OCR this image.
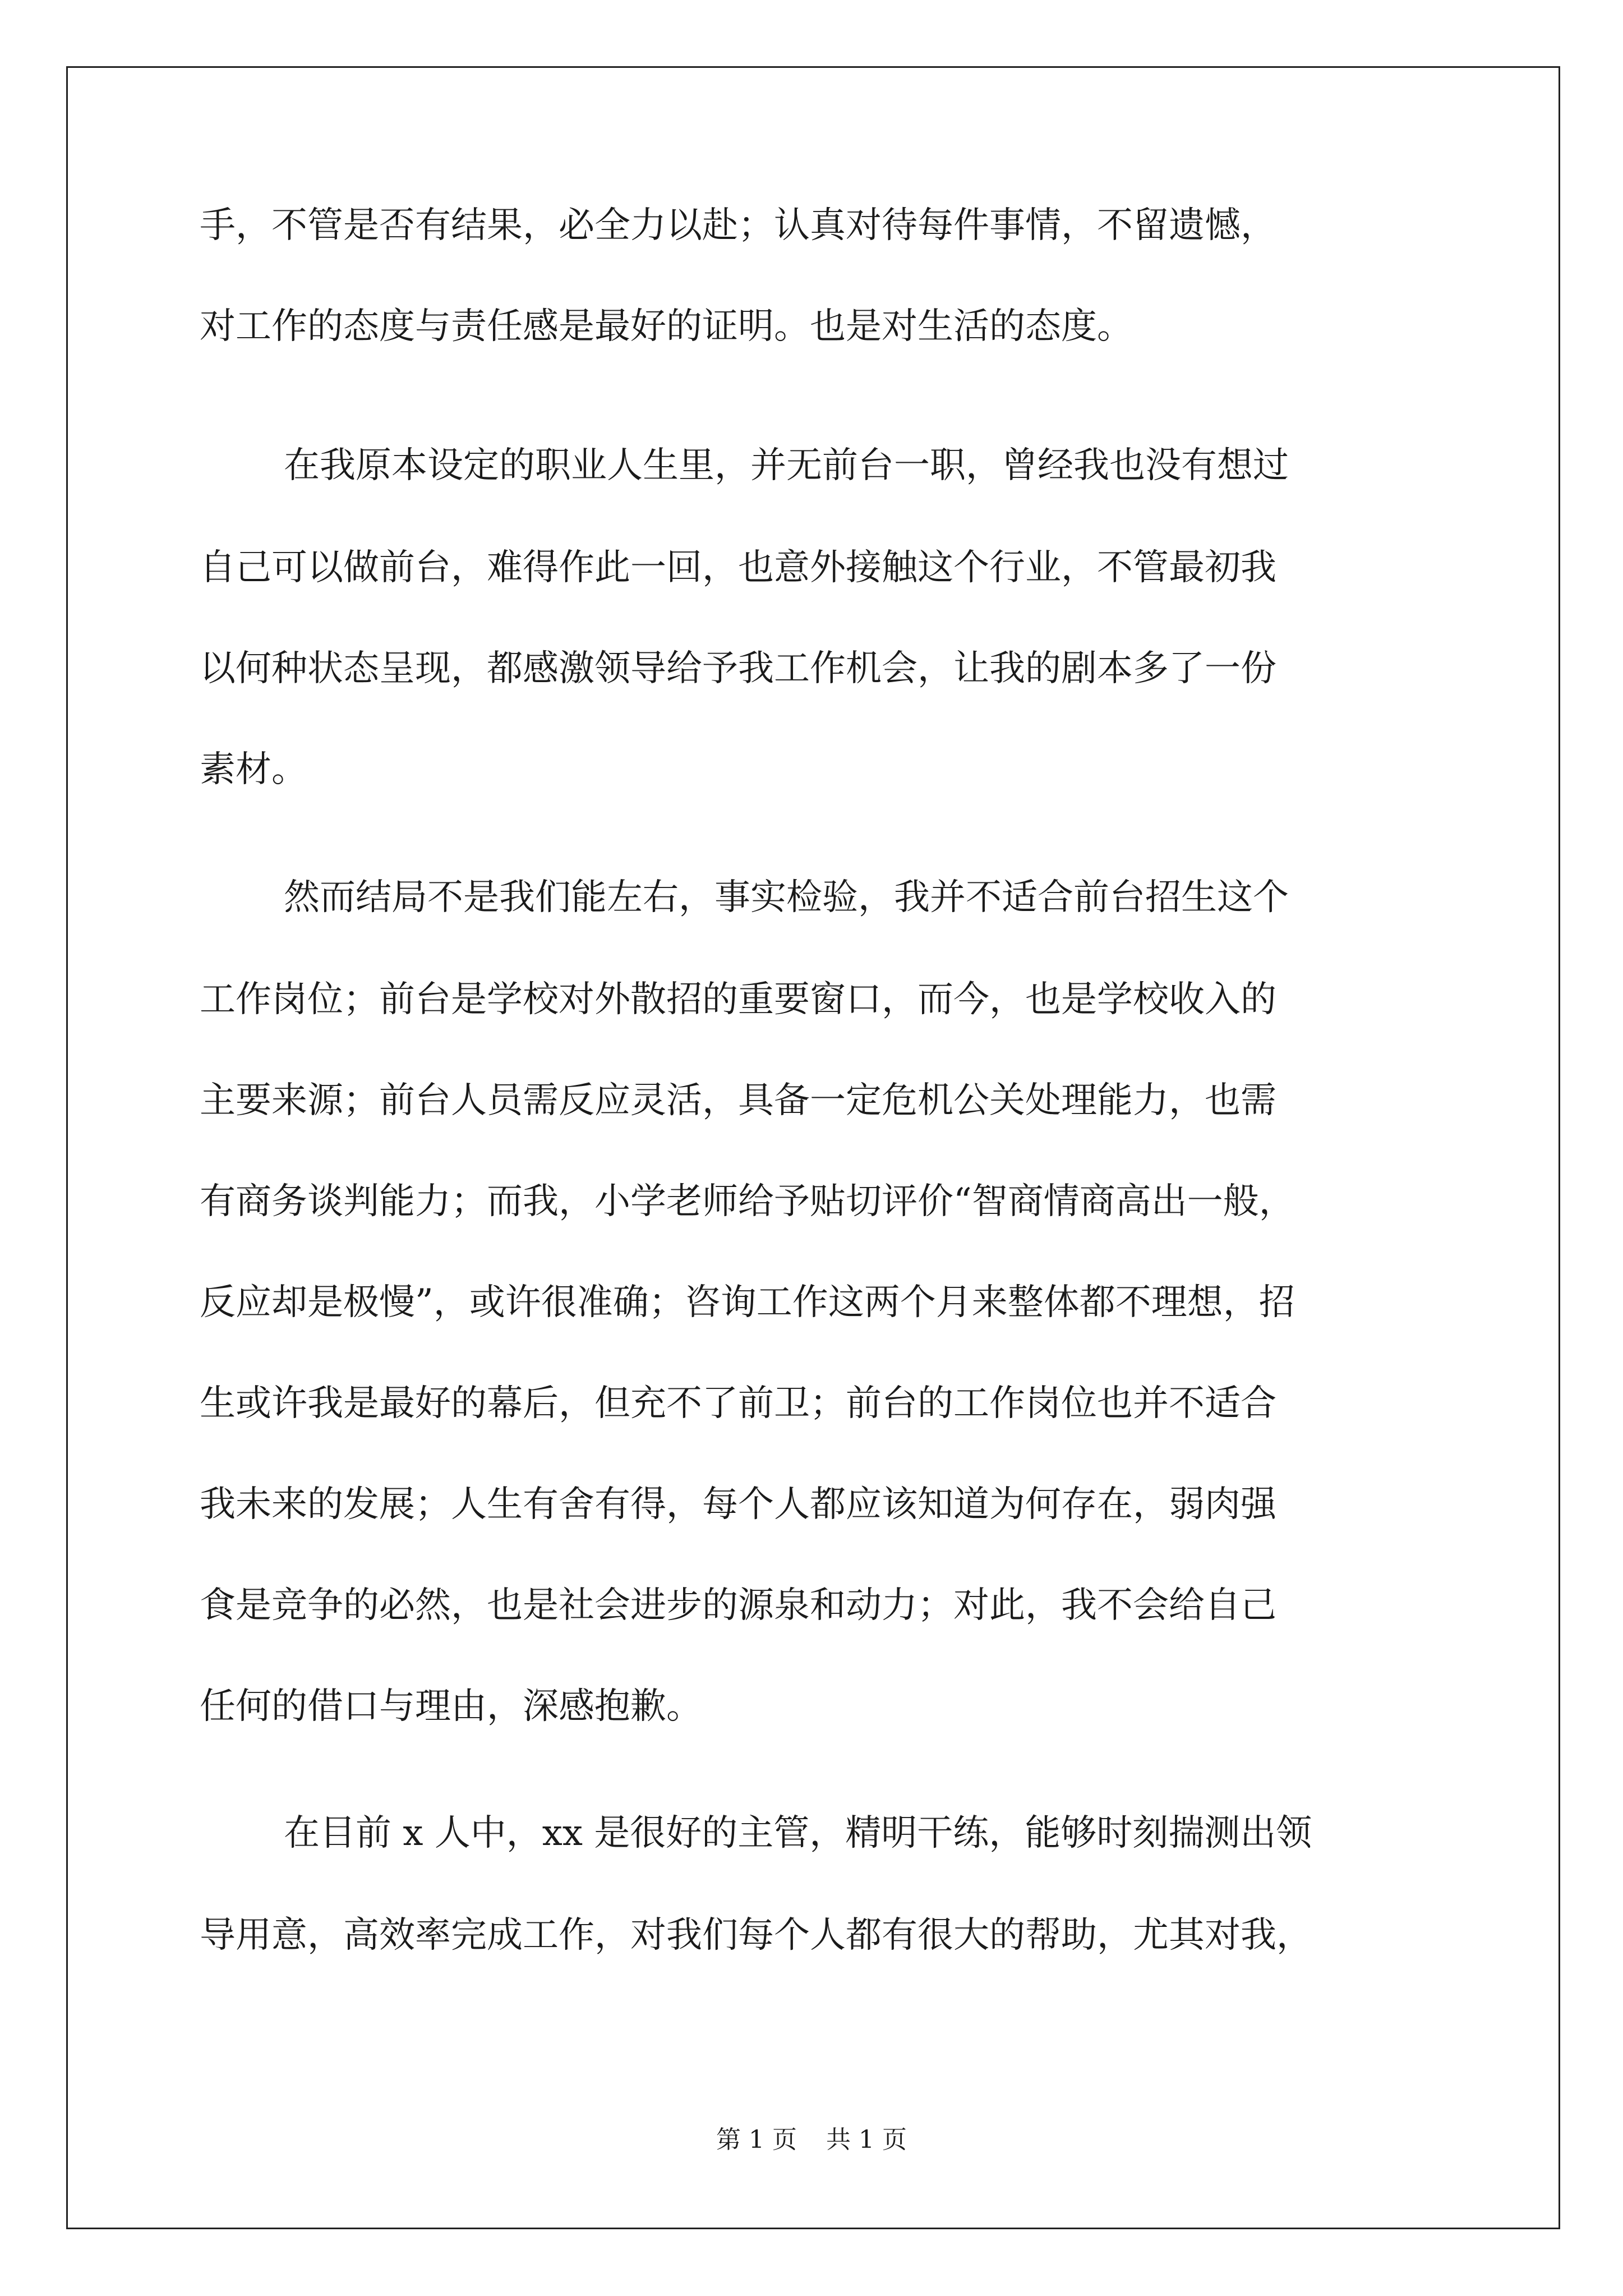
手，不管是否有结果，必全力以赴；认真对待每件事情，不留遗憾，
对工作的态度与责任感是最好的证明。也是对生活的态度。
在我原本设定的职业人生里，并无前台一职，曾经我也没有想过
自己可以做前台，难得作此一回，也意外接触这个行业，不管最初我
以何种状态呈现，都感激领导给予我工作机会，让我的剧本多了一份
素材。
然而结局不是我们能左右，事实检验，我并不适合前台招生这个
工作岗位；前台是学校对外散招的重要窗口，而今，也是学校收入的
主要来源；前台人员需反应灵活，具备一定危机公关处理能力，也需
有商务谈判能力；而我，小学老师给予贴切评价“智商情商高出一般，
反应却是极慢”，或许很准确；咨询工作这两个月来整体都不理想，招
生或许我是最好的幕后，但充不了前卫；前台的工作岗位也并不适合
我未来的发展；人生有舍有得，每个人都应该知道为何存在，弱肉强
食是竞争的必然，也是社会进步的源泉和动力；对此，我不会给自己
任何的借口与理由，深感抱歉。
在目前 x 人中，xx 是很好的主管，精明干练，能够时刻揣测出领
导用意，高效率完成工作，对我们每个人都有很大的帮助，尤其对我，
第 1 页 共 1 页
